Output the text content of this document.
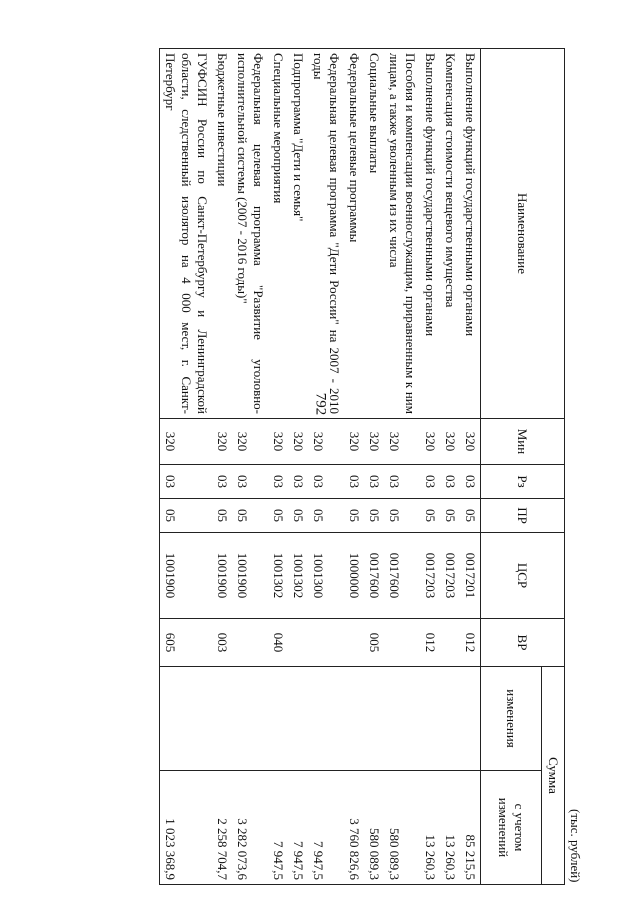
792
(тыс. рублей)							
Наименование	Мин	Рз	ПР	ЦСР	ВР	Сумма	
						изменения	с учетом изменений
Выполнение функций государственными органами	320	03	05	0017201	012		85 215,5
Компенсация стоимости вещевого имущества	320	03	05	0017203			13 260,3
Выполнение функций государственными органами	320	03	05	0017203	012		13 260,3
Пособия и компенсации военнослужащим, приравненным к ним лицам, а также уволенным из их числа	320	03	05	0017600			580 089,3
Социальные выплаты	320	03	05	0017600	005		580 089,3
Федеральные целевые программы	320	03	05	1000000			3 760 826,6
Федеральная целевая программа "Дети России" на 2007 - 2010 годы	320	03	05	1001300			7 947,5
Подпрограмма "Дети и семья"	320	03	05	1001302			7 947,5
Специальные мероприятия	320	03	05	1001302	040		7 947,5
Федеральная целевая программа "Развитие уголовно-исполнительной системы (2007 - 2016 годы)"	320	03	05	1001900			3 282 073,6
Бюджетные инвестиции	320	03	05	1001900	003		2 258 704,7
ГУФСИН России по Санкт-Петербургу и Ленинградской области, следственный изолятор на 4 000 мест, г. Санкт-Петербург	320	03	05	1001900	605		1 023 368,9
